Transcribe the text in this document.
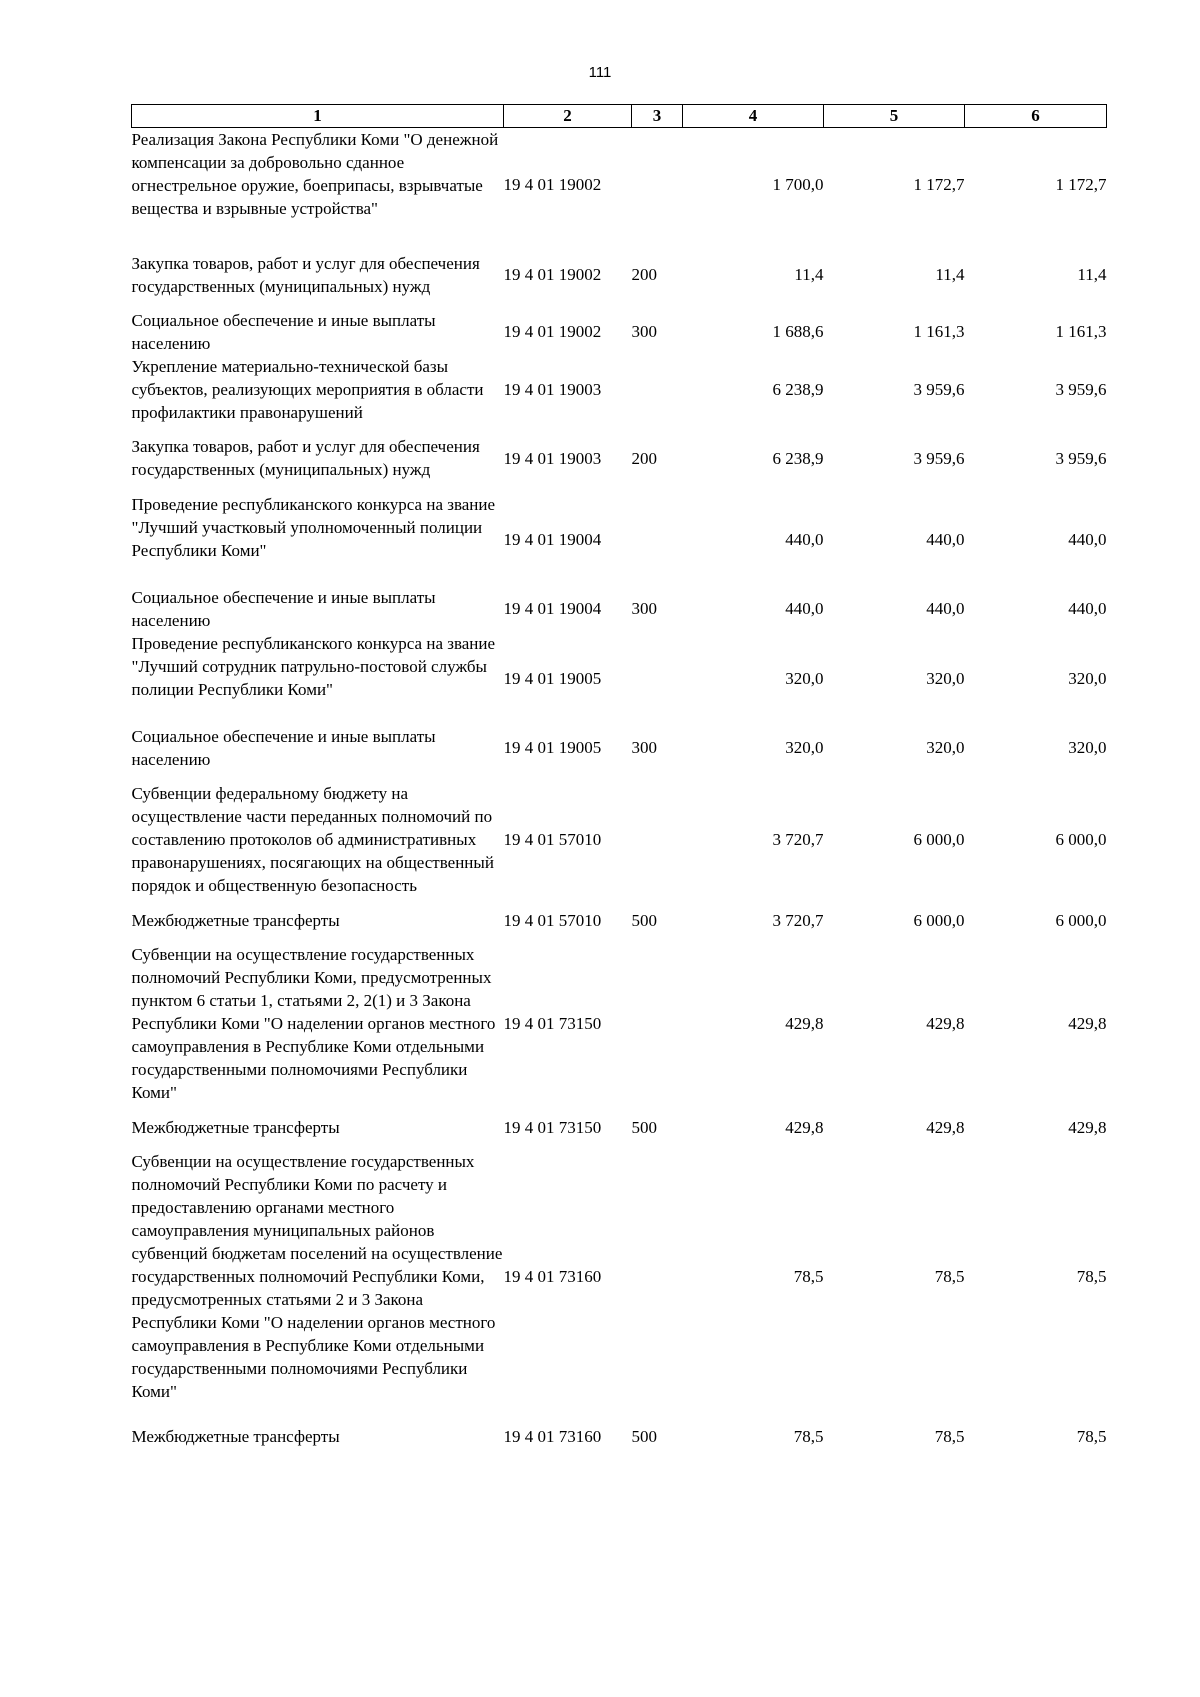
111
1	2	3	4	5	6
Реализация Закона Республики Коми "О денежной компенсации за добровольно сданное огнестрельное оружие, боеприпасы, взрывчатые вещества и взрывные устройства"	19 4 01 19002		1 700,0	1 172,7	1 172,7
Закупка товаров, работ и услуг для обеспечения государственных (муниципальных) нужд	19 4 01 19002	200	11,4	11,4	11,4
Социальное обеспечение и иные выплаты населению	19 4 01 19002	300	1 688,6	1 161,3	1 161,3
Укрепление материально-технической базы субъектов, реализующих мероприятия в области профилактики правонарушений	19 4 01 19003		6 238,9	3 959,6	3 959,6
Закупка товаров, работ и услуг для обеспечения государственных (муниципальных) нужд	19 4 01 19003	200	6 238,9	3 959,6	3 959,6
Проведение республиканского конкурса на звание "Лучший участковый уполномоченный полиции Республики Коми"	19 4 01 19004		440,0	440,0	440,0
Социальное обеспечение и иные выплаты населению	19 4 01 19004	300	440,0	440,0	440,0
Проведение республиканского конкурса на звание "Лучший сотрудник патрульно-постовой службы полиции Республики Коми"	19 4 01 19005		320,0	320,0	320,0
Социальное обеспечение и иные выплаты населению	19 4 01 19005	300	320,0	320,0	320,0
Субвенции федеральному бюджету на осуществление части переданных полномочий по составлению протоколов об административных правонарушениях, посягающих на общественный порядок и общественную безопасность	19 4 01 57010		3 720,7	6 000,0	6 000,0
Межбюджетные трансферты	19 4 01 57010	500	3 720,7	6 000,0	6 000,0
Субвенции на осуществление государственных полномочий Республики Коми, предусмотренных пунктом 6 статьи 1, статьями 2, 2(1) и 3 Закона Республики Коми "О наделении органов местного самоуправления в Республике Коми отдельными государственными полномочиями Республики Коми"	19 4 01 73150		429,8	429,8	429,8
Межбюджетные трансферты	19 4 01 73150	500	429,8	429,8	429,8
Субвенции на осуществление государственных полномочий Республики Коми по расчету и предоставлению органами местного самоуправления муниципальных районов субвенций бюджетам поселений на осуществление государственных полномочий Республики Коми, предусмотренных статьями 2 и 3 Закона Республики Коми "О наделении органов местного самоуправления в Республике Коми отдельными государственными полномочиями Республики Коми"	19 4 01 73160		78,5	78,5	78,5
Межбюджетные трансферты	19 4 01 73160	500	78,5	78,5	78,5
